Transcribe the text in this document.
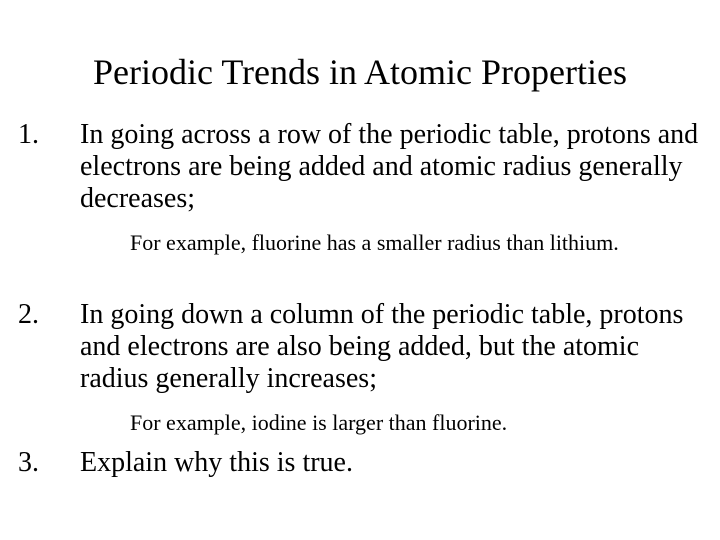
Periodic Trends in Atomic Properties
1. In going across a row of the periodic table, protons and electrons are being added and atomic radius generally decreases;
For example, fluorine has a smaller radius than lithium.
2. In going down a column of the periodic table, protons and electrons are also being added, but the atomic radius generally increases;
For example, iodine is larger than fluorine.
3. Explain why this is true.
